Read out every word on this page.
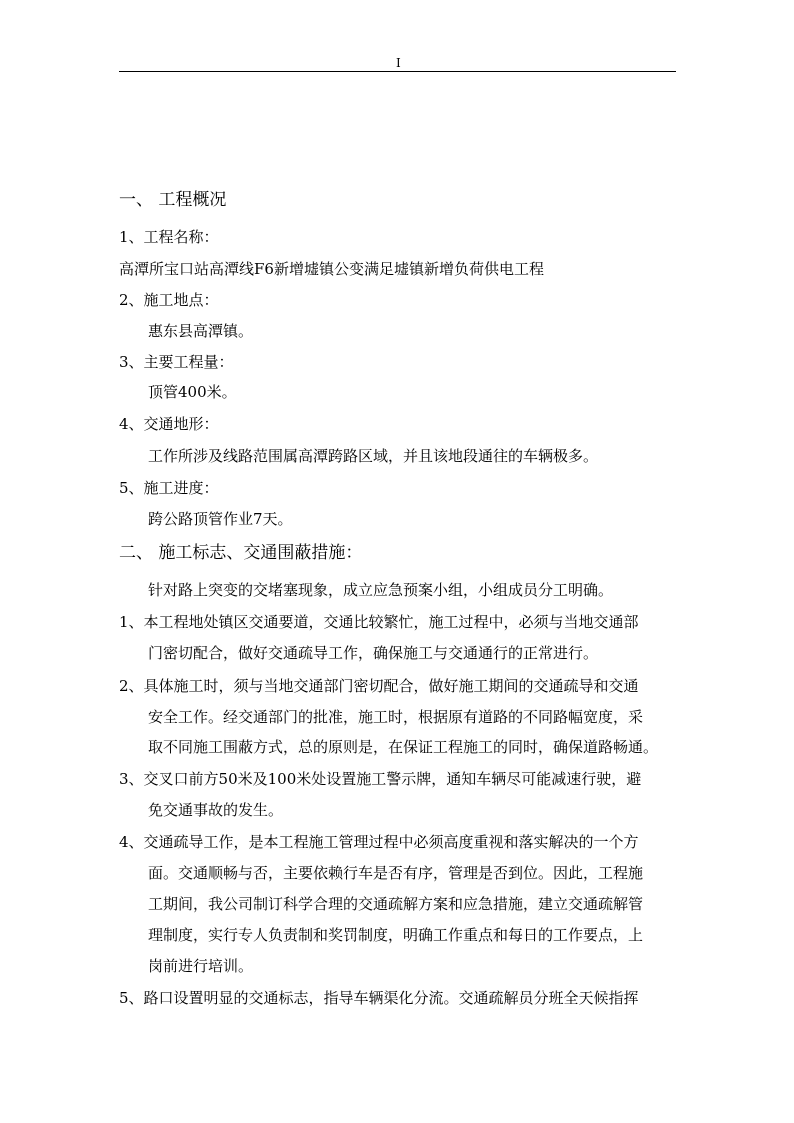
I
一、 工程概况
1、工程名称：
高潭所宝口站高潭线F6新增墟镇公变满足墟镇新增负荷供电工程
2、施工地点：
惠东县高潭镇。
3、主要工程量：
顶管400米。
4、交通地形：
工作所涉及线路范围属高潭跨路区域，并且该地段通往的车辆极多。
5、施工进度：
跨公路顶管作业7天。
二、 施工标志、交通围蔽措施：
针对路上突变的交堵塞现象，成立应急预案小组，小组成员分工明确。
1、本工程地处镇区交通要道，交通比较繁忙，施工过程中，必须与当地交通部
门密切配合，做好交通疏导工作，确保施工与交通通行的正常进行。
2、具体施工时，须与当地交通部门密切配合，做好施工期间的交通疏导和交通
安全工作。经交通部门的批准，施工时，根据原有道路的不同路幅宽度，采
取不同施工围蔽方式，总的原则是，在保证工程施工的同时，确保道路畅通。
3、交叉口前方50米及100米处设置施工警示牌，通知车辆尽可能减速行驶，避
免交通事故的发生。
4、交通疏导工作，是本工程施工管理过程中必须高度重视和落实解决的一个方
面。交通顺畅与否，主要依赖行车是否有序，管理是否到位。因此，工程施
工期间，我公司制订科学合理的交通疏解方案和应急措施，建立交通疏解管
理制度，实行专人负责制和奖罚制度，明确工作重点和每日的工作要点，上
岗前进行培训。
5、路口设置明显的交通标志，指导车辆渠化分流。交通疏解员分班全天候指挥
